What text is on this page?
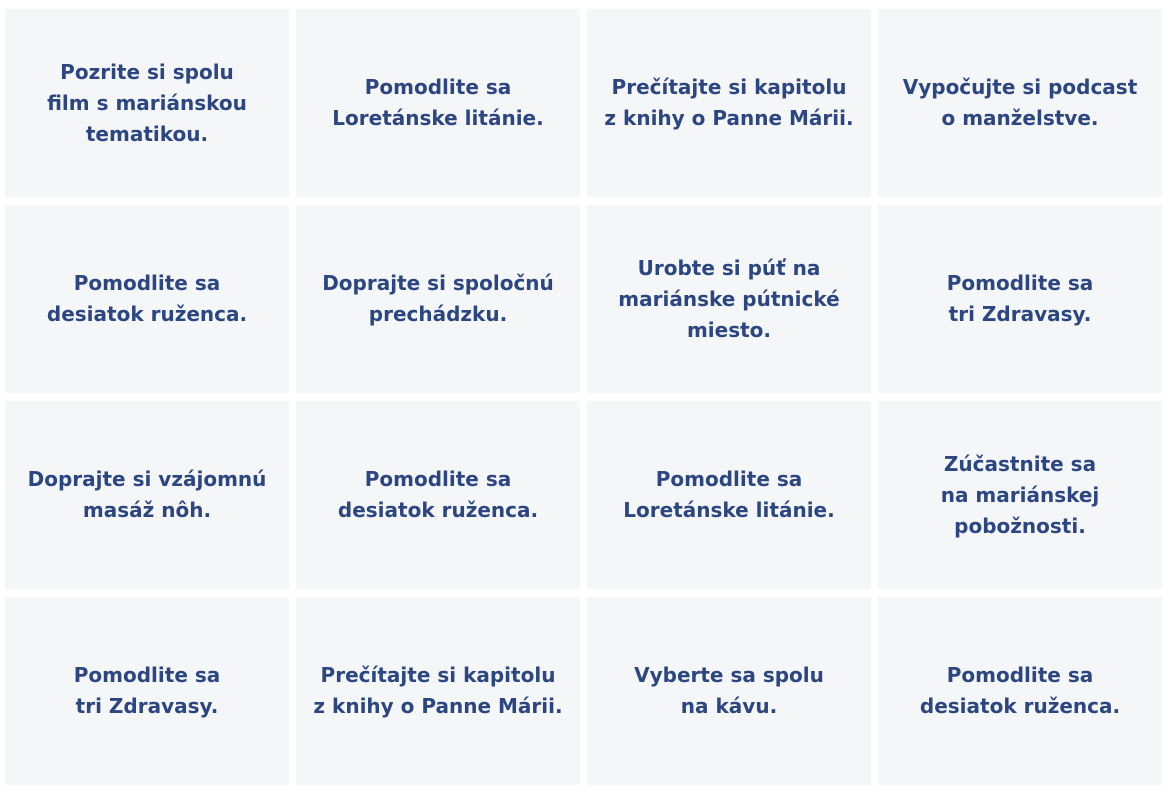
Pozrite si spolu
film s mariánskou
tematikou.
Pomodlite sa
Loretánske litánie.
Prečítajte si kapitolu
z knihy o Panne Márii.
Vypočujte si podcast
o manželstve.
Pomodlite sa
desiatok ruženca.
Doprajte si spoločnú
prechádzku.
Urobte si púť na
mariánske pútnické
miesto.
Pomodlite sa
tri Zdravasy.
Doprajte si vzájomnú
masáž nôh.
Pomodlite sa
desiatok ruženca.
Pomodlite sa
Loretánske litánie.
Zúčastnite sa
na mariánskej
pobožnosti.
Pomodlite sa
tri Zdravasy.
Prečítajte si kapitolu
z knihy o Panne Márii.
Vyberte sa spolu
na kávu.
Pomodlite sa
desiatok ruženca.
